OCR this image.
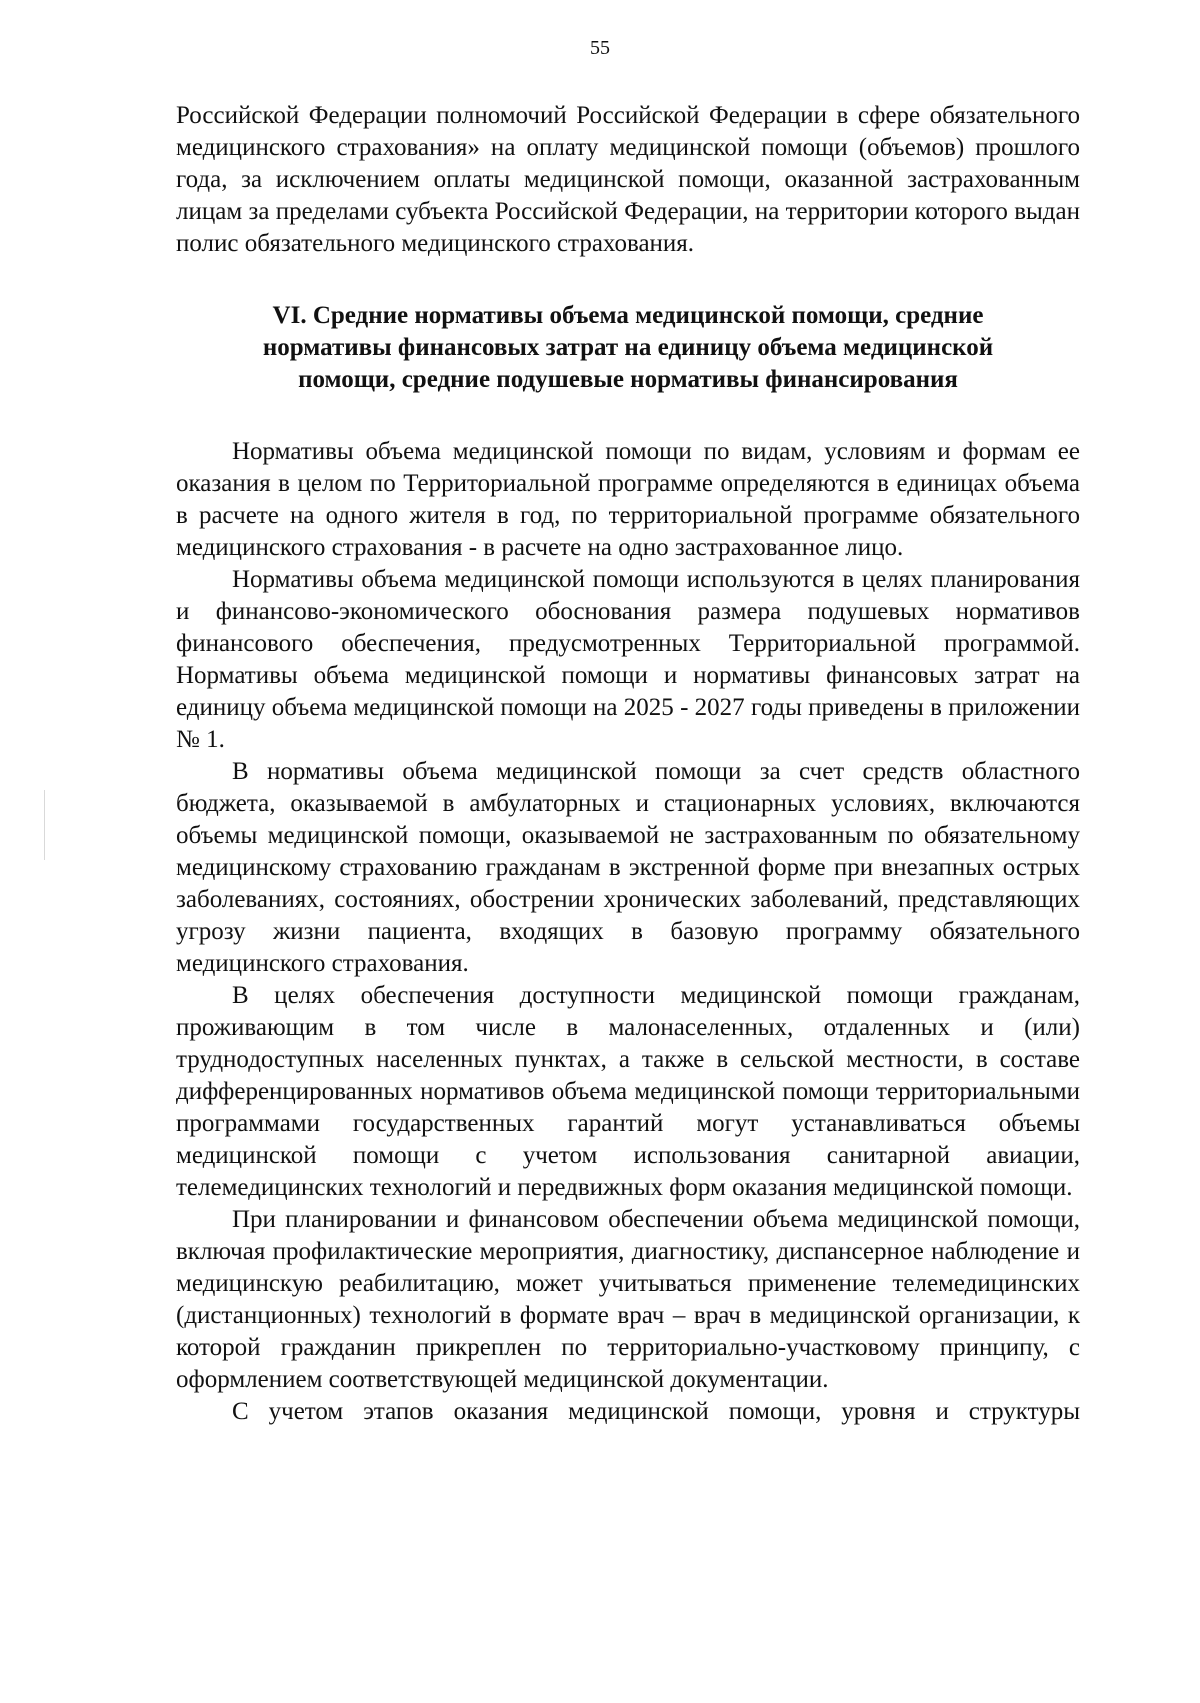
55

Российской Федерации полномочий Российской Федерации в сфере обязательного медицинского страхования» на оплату медицинской помощи (объемов) прошлого года, за исключением оплаты медицинской помощи, оказанной застрахованным лицам за пределами субъекта Российской Федерации, на территории которого выдан полис обязательного медицинского страхования.

VI. Средние нормативы объема медицинской помощи, средние нормативы финансовых затрат на единицу объема медицинской помощи, средние подушевые нормативы финансирования

Нормативы объема медицинской помощи по видам, условиям и формам ее оказания в целом по Территориальной программе определяются в единицах объема в расчете на одного жителя в год, по территориальной программе обязательного медицинского страхования - в расчете на одно застрахованное лицо.

Нормативы объема медицинской помощи используются в целях планирования и финансово-экономического обоснования размера подушевых нормативов финансового обеспечения, предусмотренных Территориальной программой. Нормативы объема медицинской помощи и нормативы финансовых затрат на единицу объема медицинской помощи на 2025 - 2027 годы приведены в приложении № 1.

В нормативы объема медицинской помощи за счет средств областного бюджета, оказываемой в амбулаторных и стационарных условиях, включаются объемы медицинской помощи, оказываемой не застрахованным по обязательному медицинскому страхованию гражданам в экстренной форме при внезапных острых заболеваниях, состояниях, обострении хронических заболеваний, представляющих угрозу жизни пациента, входящих в базовую программу обязательного медицинского страхования.

В целях обеспечения доступности медицинской помощи гражданам, проживающим в том числе в малонаселенных, отдаленных и (или) труднодоступных населенных пунктах, а также в сельской местности, в составе дифференцированных нормативов объема медицинской помощи территориальными программами государственных гарантий могут устанавливаться объемы медицинской помощи с учетом использования санитарной авиации, телемедицинских технологий и передвижных форм оказания медицинской помощи.

При планировании и финансовом обеспечении объема медицинской помощи, включая профилактические мероприятия, диагностику, диспансерное наблюдение и медицинскую реабилитацию, может учитываться применение телемедицинских (дистанционных) технологий в формате врач – врач в медицинской организации, к которой гражданин прикреплен по территориально-участковому принципу, с оформлением соответствующей медицинской документации.

С учетом этапов оказания медицинской помощи, уровня и структуры
